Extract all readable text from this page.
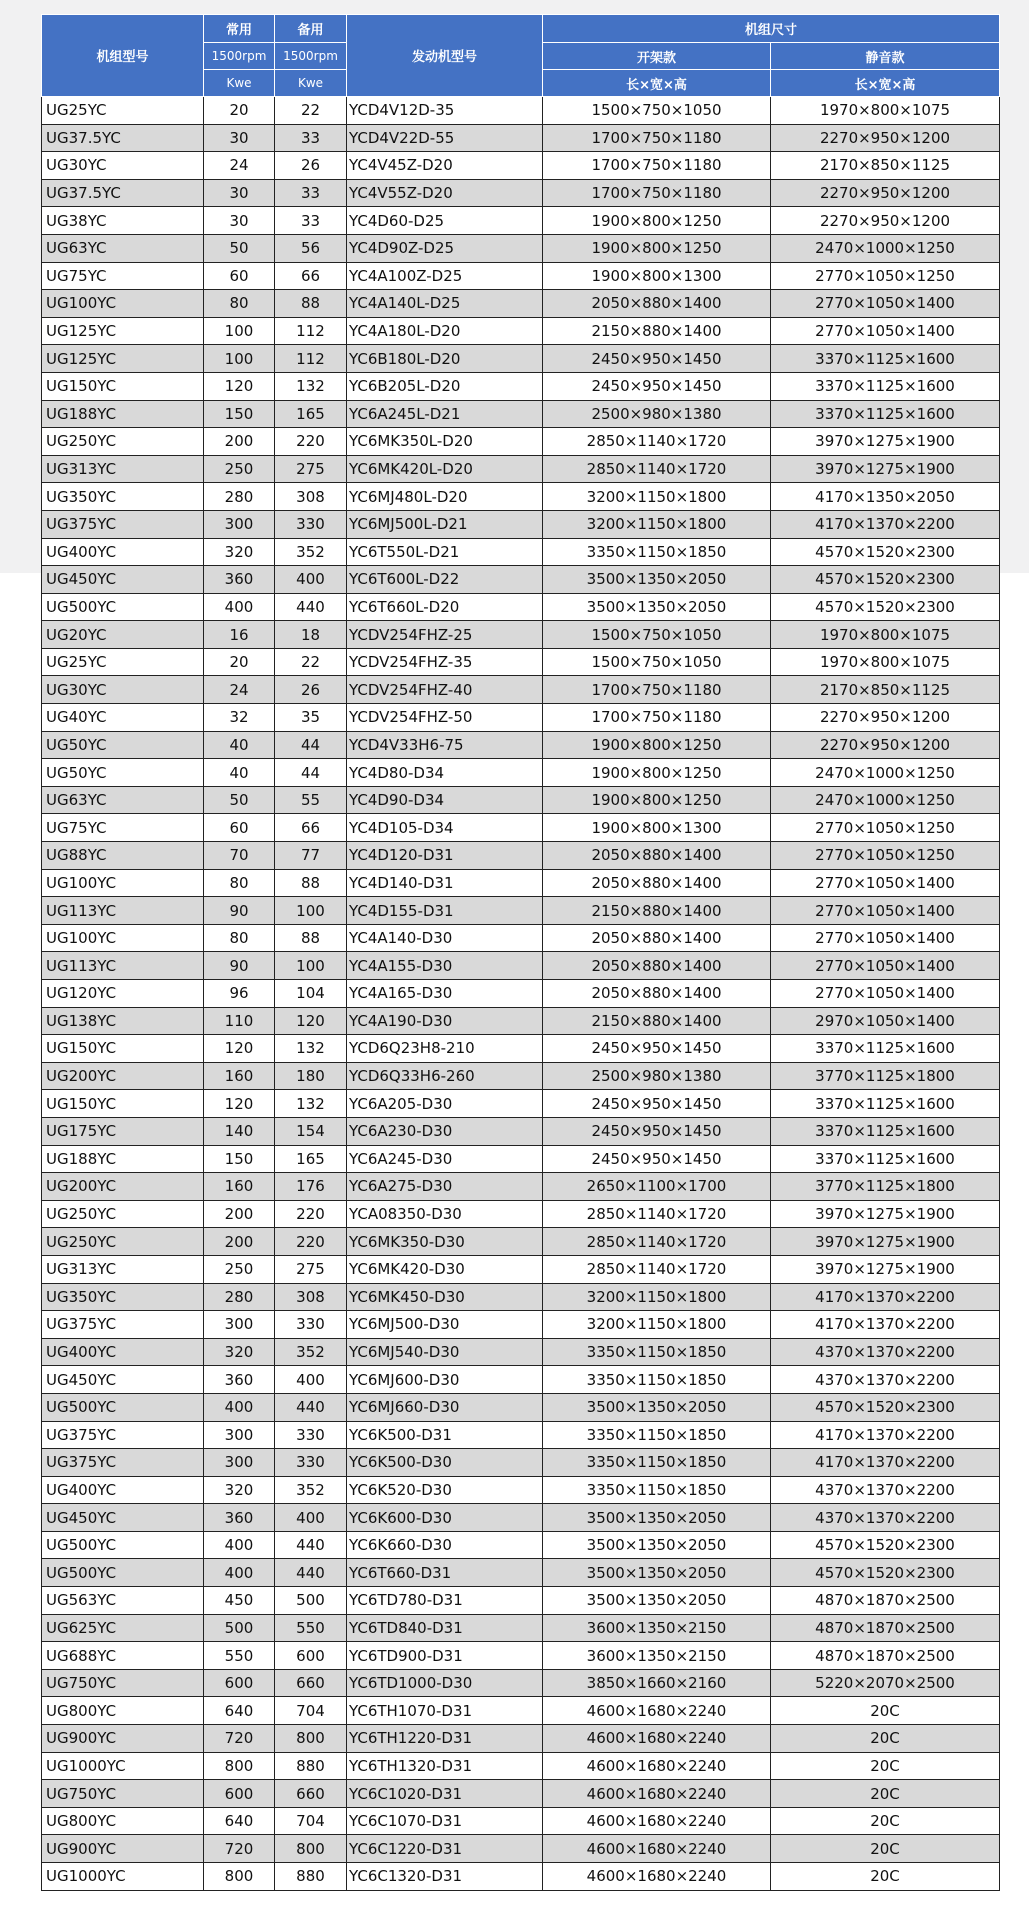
机组型号	常用	备用	发动机型号	机组尺寸	
	1500rpm	1500rpm		开架款	静音款
	Kwe	Kwe		长×宽×高	长×宽×高
UG25YC	20	22	YCD4V12D-35	1500×750×1050	1970×800×1075
UG37.5YC	30	33	YCD4V22D-55	1700×750×1180	2270×950×1200
UG30YC	24	26	YC4V45Z-D20	1700×750×1180	2170×850×1125
UG37.5YC	30	33	YC4V55Z-D20	1700×750×1180	2270×950×1200
UG38YC	30	33	YC4D60-D25	1900×800×1250	2270×950×1200
UG63YC	50	56	YC4D90Z-D25	1900×800×1250	2470×1000×1250
UG75YC	60	66	YC4A100Z-D25	1900×800×1300	2770×1050×1250
UG100YC	80	88	YC4A140L-D25	2050×880×1400	2770×1050×1400
UG125YC	100	112	YC4A180L-D20	2150×880×1400	2770×1050×1400
UG125YC	100	112	YC6B180L-D20	2450×950×1450	3370×1125×1600
UG150YC	120	132	YC6B205L-D20	2450×950×1450	3370×1125×1600
UG188YC	150	165	YC6A245L-D21	2500×980×1380	3370×1125×1600
UG250YC	200	220	YC6MK350L-D20	2850×1140×1720	3970×1275×1900
UG313YC	250	275	YC6MK420L-D20	2850×1140×1720	3970×1275×1900
UG350YC	280	308	YC6MJ480L-D20	3200×1150×1800	4170×1350×2050
UG375YC	300	330	YC6MJ500L-D21	3200×1150×1800	4170×1370×2200
UG400YC	320	352	YC6T550L-D21	3350×1150×1850	4570×1520×2300
UG450YC	360	400	YC6T600L-D22	3500×1350×2050	4570×1520×2300
UG500YC	400	440	YC6T660L-D20	3500×1350×2050	4570×1520×2300
UG20YC	16	18	YCDV254FHZ-25	1500×750×1050	1970×800×1075
UG25YC	20	22	YCDV254FHZ-35	1500×750×1050	1970×800×1075
UG30YC	24	26	YCDV254FHZ-40	1700×750×1180	2170×850×1125
UG40YC	32	35	YCDV254FHZ-50	1700×750×1180	2270×950×1200
UG50YC	40	44	YCD4V33H6-75	1900×800×1250	2270×950×1200
UG50YC	40	44	YC4D80-D34	1900×800×1250	2470×1000×1250
UG63YC	50	55	YC4D90-D34	1900×800×1250	2470×1000×1250
UG75YC	60	66	YC4D105-D34	1900×800×1300	2770×1050×1250
UG88YC	70	77	YC4D120-D31	2050×880×1400	2770×1050×1250
UG100YC	80	88	YC4D140-D31	2050×880×1400	2770×1050×1400
UG113YC	90	100	YC4D155-D31	2150×880×1400	2770×1050×1400
UG100YC	80	88	YC4A140-D30	2050×880×1400	2770×1050×1400
UG113YC	90	100	YC4A155-D30	2050×880×1400	2770×1050×1400
UG120YC	96	104	YC4A165-D30	2050×880×1400	2770×1050×1400
UG138YC	110	120	YC4A190-D30	2150×880×1400	2970×1050×1400
UG150YC	120	132	YCD6Q23H8-210	2450×950×1450	3370×1125×1600
UG200YC	160	180	YCD6Q33H6-260	2500×980×1380	3770×1125×1800
UG150YC	120	132	YC6A205-D30	2450×950×1450	3370×1125×1600
UG175YC	140	154	YC6A230-D30	2450×950×1450	3370×1125×1600
UG188YC	150	165	YC6A245-D30	2450×950×1450	3370×1125×1600
UG200YC	160	176	YC6A275-D30	2650×1100×1700	3770×1125×1800
UG250YC	200	220	YCA08350-D30	2850×1140×1720	3970×1275×1900
UG250YC	200	220	YC6MK350-D30	2850×1140×1720	3970×1275×1900
UG313YC	250	275	YC6MK420-D30	2850×1140×1720	3970×1275×1900
UG350YC	280	308	YC6MK450-D30	3200×1150×1800	4170×1370×2200
UG375YC	300	330	YC6MJ500-D30	3200×1150×1800	4170×1370×2200
UG400YC	320	352	YC6MJ540-D30	3350×1150×1850	4370×1370×2200
UG450YC	360	400	YC6MJ600-D30	3350×1150×1850	4370×1370×2200
UG500YC	400	440	YC6MJ660-D30	3500×1350×2050	4570×1520×2300
UG375YC	300	330	YC6K500-D31	3350×1150×1850	4170×1370×2200
UG375YC	300	330	YC6K500-D30	3350×1150×1850	4170×1370×2200
UG400YC	320	352	YC6K520-D30	3350×1150×1850	4370×1370×2200
UG450YC	360	400	YC6K600-D30	3500×1350×2050	4370×1370×2200
UG500YC	400	440	YC6K660-D30	3500×1350×2050	4570×1520×2300
UG500YC	400	440	YC6T660-D31	3500×1350×2050	4570×1520×2300
UG563YC	450	500	YC6TD780-D31	3500×1350×2050	4870×1870×2500
UG625YC	500	550	YC6TD840-D31	3600×1350×2150	4870×1870×2500
UG688YC	550	600	YC6TD900-D31	3600×1350×2150	4870×1870×2500
UG750YC	600	660	YC6TD1000-D30	3850×1660×2160	5220×2070×2500
UG800YC	640	704	YC6TH1070-D31	4600×1680×2240	20C
UG900YC	720	800	YC6TH1220-D31	4600×1680×2240	20C
UG1000YC	800	880	YC6TH1320-D31	4600×1680×2240	20C
UG750YC	600	660	YC6C1020-D31	4600×1680×2240	20C
UG800YC	640	704	YC6C1070-D31	4600×1680×2240	20C
UG900YC	720	800	YC6C1220-D31	4600×1680×2240	20C
UG1000YC	800	880	YC6C1320-D31	4600×1680×2240	20C
